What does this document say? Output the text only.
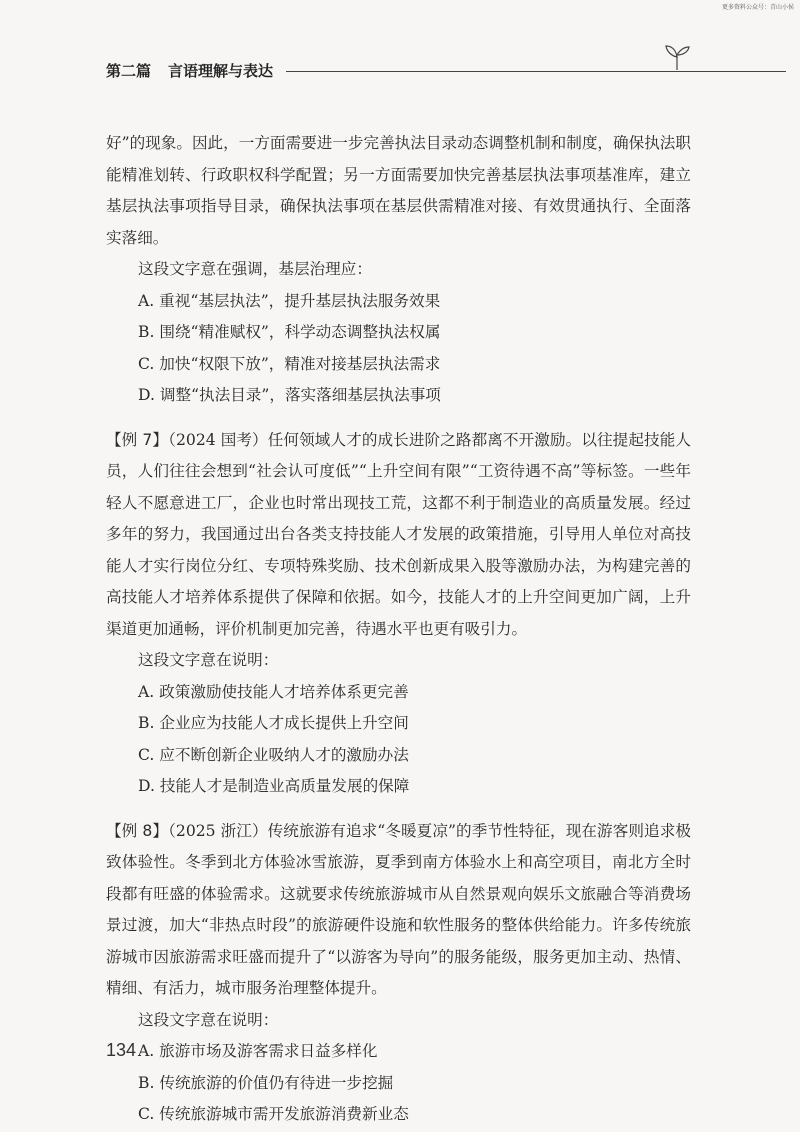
更多资料公众号：青山小侯
第二篇 言语理解与表达

好”的现象。因此，一方面需要进一步完善执法目录动态调整机制和制度，确保执法职能精准划转、行政职权科学配置；另一方面需要加快完善基层执法事项基准库，建立基层执法事项指导目录，确保执法事项在基层供需精准对接、有效贯通执行、全面落实落细。

这段文字意在强调，基层治理应：

A. 重视“基层执法”，提升基层执法服务效果

B. 围绕“精准赋权”，科学动态调整执法权属

C. 加快“权限下放”，精准对接基层执法需求

D. 调整“执法目录”，落实落细基层执法事项

【例 7】（2024 国考）任何领域人才的成长进阶之路都离不开激励。以往提起技能人员，人们往往会想到“社会认可度低”“上升空间有限”“工资待遇不高”等标签。一些年轻人不愿意进工厂，企业也时常出现技工荒，这都不利于制造业的高质量发展。经过多年的努力，我国通过出台各类支持技能人才发展的政策措施，引导用人单位对高技能人才实行岗位分红、专项特殊奖励、技术创新成果入股等激励办法，为构建完善的高技能人才培养体系提供了保障和依据。如今，技能人才的上升空间更加广阔，上升渠道更加通畅，评价机制更加完善，待遇水平也更有吸引力。

这段文字意在说明：

A. 政策激励使技能人才培养体系更完善

B. 企业应为技能人才成长提供上升空间

C. 应不断创新企业吸纳人才的激励办法

D. 技能人才是制造业高质量发展的保障

【例 8】（2025 浙江）传统旅游有追求“冬暖夏凉”的季节性特征，现在游客则追求极致体验性。冬季到北方体验冰雪旅游，夏季到南方体验水上和高空项目，南北方全时段都有旺盛的体验需求。这就要求传统旅游城市从自然景观向娱乐文旅融合等消费场景过渡，加大“非热点时段”的旅游硬件设施和软性服务的整体供给能力。许多传统旅游城市因旅游需求旺盛而提升了“以游客为导向”的服务能级，服务更加主动、热情、精细、有活力，城市服务治理整体提升。

这段文字意在说明：

A. 旅游市场及游客需求日益多样化

B. 传统旅游的价值仍有待进一步挖掘

C. 传统旅游城市需开发旅游消费新业态

134
